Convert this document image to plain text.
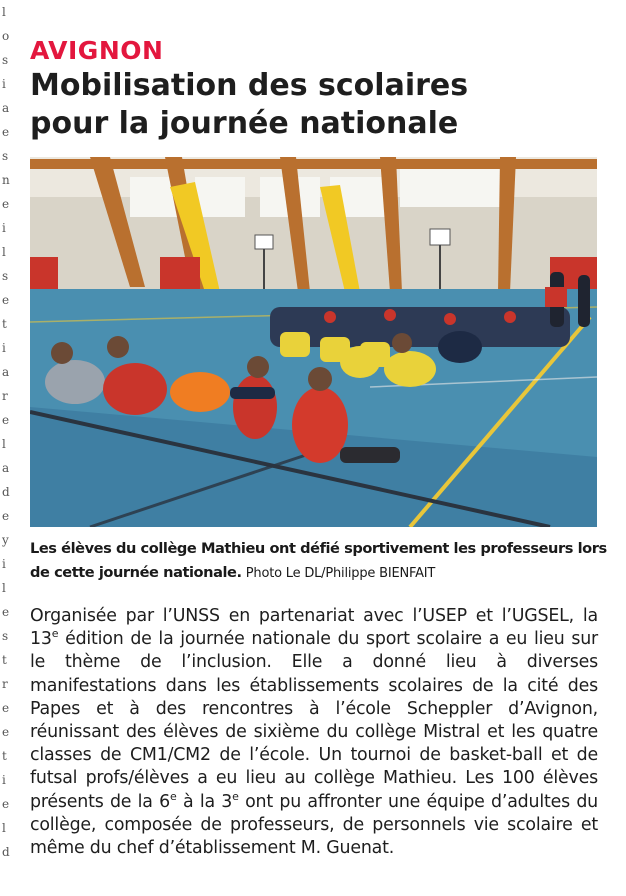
l
o
s
i
a
e
s
n
e
i
l
s
e
t
i
a
r
e
l
a
d
e
y
i
l
e
s
t
r
e
e
t
i
e
l
d
AVIGNON
Mobilisation des scolaires
pour la journée nationale
Les élèves du collège Mathieu ont défié sportivement les professeurs lors de cette journée nationale. Photo Le DL/Philippe BIENFAIT
Organisée par l’UNSS en partenariat avec l’USEP et l’UGSEL, la 13e édition de la journée nationale du sport scolaire a eu lieu sur le thème de l’inclusion. Elle a donné lieu à diverses manifestations dans les établissements scolaires de la cité des Papes et à des rencontres à l’école Scheppler d’Avignon, réunissant des élèves de sixième du collège Mistral et les quatre classes de CM1/CM2 de l’école. Un tournoi de basket-ball et de futsal profs/élèves a eu lieu au collège Mathieu. Les 100 élèves présents de la 6e à la 3e ont pu affronter une équipe d’adultes du collège, composée de professeurs, de personnels vie scolaire et même du chef d’établissement M. Guenat.
